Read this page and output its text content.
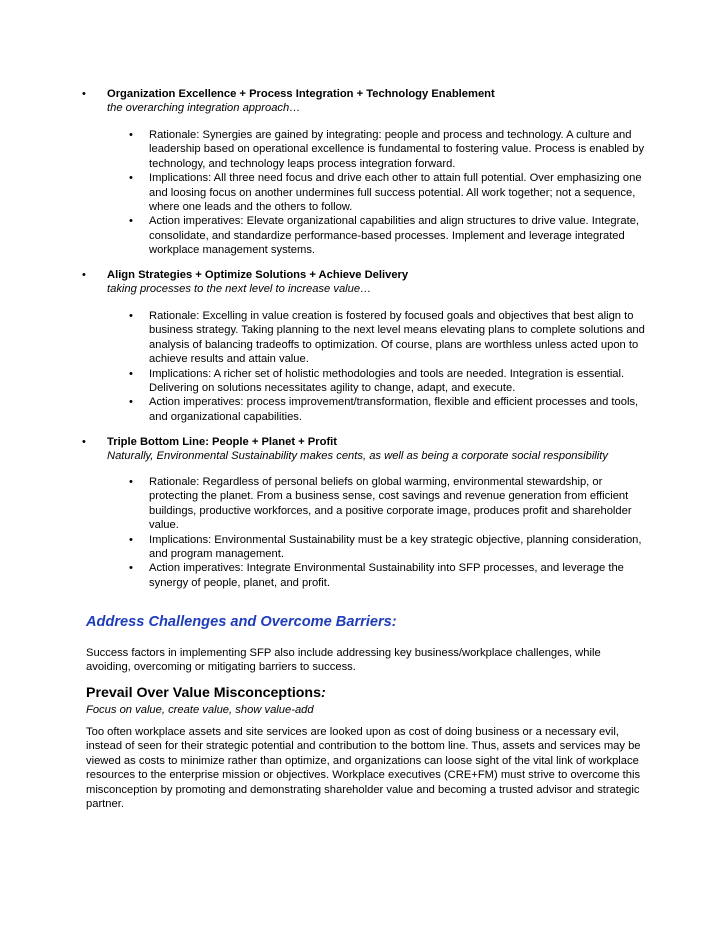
• Organization Excellence + Process Integration + Technology Enablement
the overarching integration approach…
• Rationale: Synergies are gained by integrating: people and process and technology. A culture and leadership based on operational excellence is fundamental to fostering value. Process is enabled by technology, and technology leaps process integration forward.
• Implications: All three need focus and drive each other to attain full potential. Over emphasizing one and loosing focus on another undermines full success potential. All work together; not a sequence, where one leads and the others to follow.
• Action imperatives: Elevate organizational capabilities and align structures to drive value. Integrate, consolidate, and standardize performance-based processes. Implement and leverage integrated workplace management systems.
• Align Strategies + Optimize Solutions + Achieve Delivery
taking processes to the next level to increase value…
• Rationale: Excelling in value creation is fostered by focused goals and objectives that best align to business strategy. Taking planning to the next level means elevating plans to complete solutions and analysis of balancing tradeoffs to optimization. Of course, plans are worthless unless acted upon to achieve results and attain value.
• Implications: A richer set of holistic methodologies and tools are needed. Integration is essential. Delivering on solutions necessitates agility to change, adapt, and execute.
• Action imperatives: process improvement/transformation, flexible and efficient processes and tools, and organizational capabilities.
• Triple Bottom Line: People + Planet + Profit
Naturally, Environmental Sustainability makes cents, as well as being a corporate social responsibility
• Rationale: Regardless of personal beliefs on global warming, environmental stewardship, or protecting the planet. From a business sense, cost savings and revenue generation from efficient buildings, productive workforces, and a positive corporate image, produces profit and shareholder value.
• Implications: Environmental Sustainability must be a key strategic objective, planning consideration, and program management.
• Action imperatives: Integrate Environmental Sustainability into SFP processes, and leverage the synergy of people, planet, and profit.
Address Challenges and Overcome Barriers:
Success factors in implementing SFP also include addressing key business/workplace challenges, while avoiding, overcoming or mitigating barriers to success.
Prevail Over Value Misconceptions:
Focus on value, create value, show value-add
Too often workplace assets and site services are looked upon as cost of doing business or a necessary evil, instead of seen for their strategic potential and contribution to the bottom line. Thus, assets and services may be viewed as costs to minimize rather than optimize, and organizations can loose sight of the vital link of workplace resources to the enterprise mission or objectives. Workplace executives (CRE+FM) must strive to overcome this misconception by promoting and demonstrating shareholder value and becoming a trusted advisor and strategic partner.
